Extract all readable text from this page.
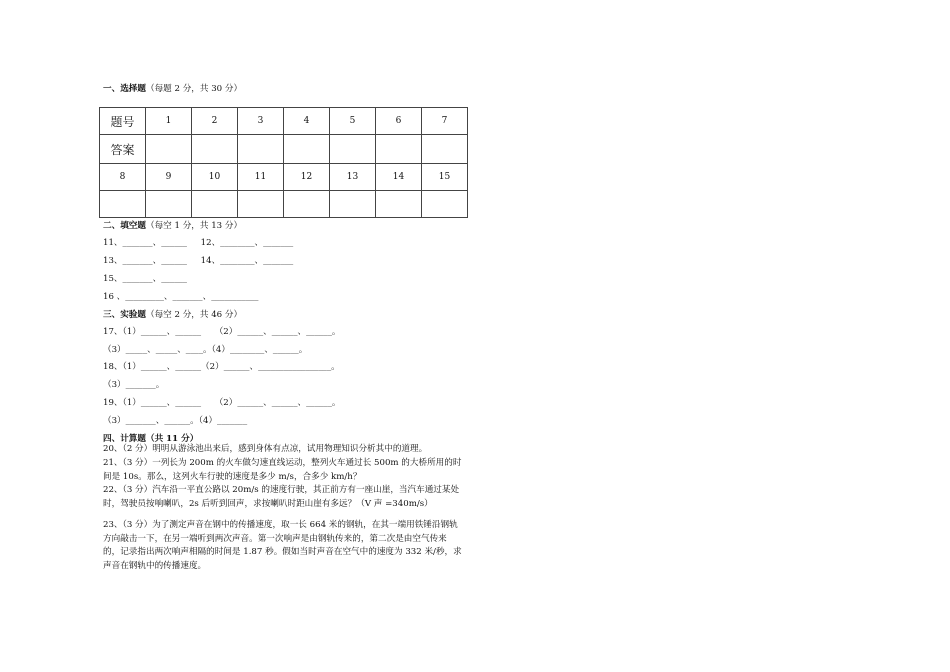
一、选择题（每题 2 分，共 30 分）
题号	1	2	3	4	5	6	7
答案							
8	9	10	11	12	13	14	15

二、填空题（每空 1 分，共 13 分）
11、_______、______     12、________、_______
13、_______、______     14、________、_______
15、_______、______
16 、_________、_______、___________
三、实验题（每空 2 分，共 46 分）
17、（1）______、______     （2）______、______、______。
（3）_____、_____、____。（4）________、______。
18、（1）______、______（2）______、_________________。
（3）_______。
19、（1）______、______     （2）______、______、______。
（3）_______、______。（4）_______
四、计算题（共 11 分）
20、（2 分）明明从游泳池出来后，感到身体有点凉，试用物理知识分析其中的道理。
21、（3 分）一列长为 200m 的火车做匀速直线运动，整列火车通过长 500m 的大桥所用的时间是 10s。那么，这列火车行驶的速度是多少 m/s，合多少 km/h？
22、（3 分）汽车沿一平直公路以 20m/s 的速度行驶，其正前方有一座山崖，当汽车通过某处时，驾驶员按响喇叭，2s 后听到回声，求按喇叭时距山崖有多远？（V 声 =340m/s）
23、（3 分）为了测定声音在钢中的传播速度，取一长 664 米的钢轨，在其一端用铁锤沿钢轨方向敲击一下，在另一端听到两次声音。第一次响声是由钢轨传来的，第二次是由空气传来的，记录指出两次响声相隔的时间是 1.87 秒。假如当时声音在空气中的速度为 332 米/秒，求声音在钢轨中的传播速度。
